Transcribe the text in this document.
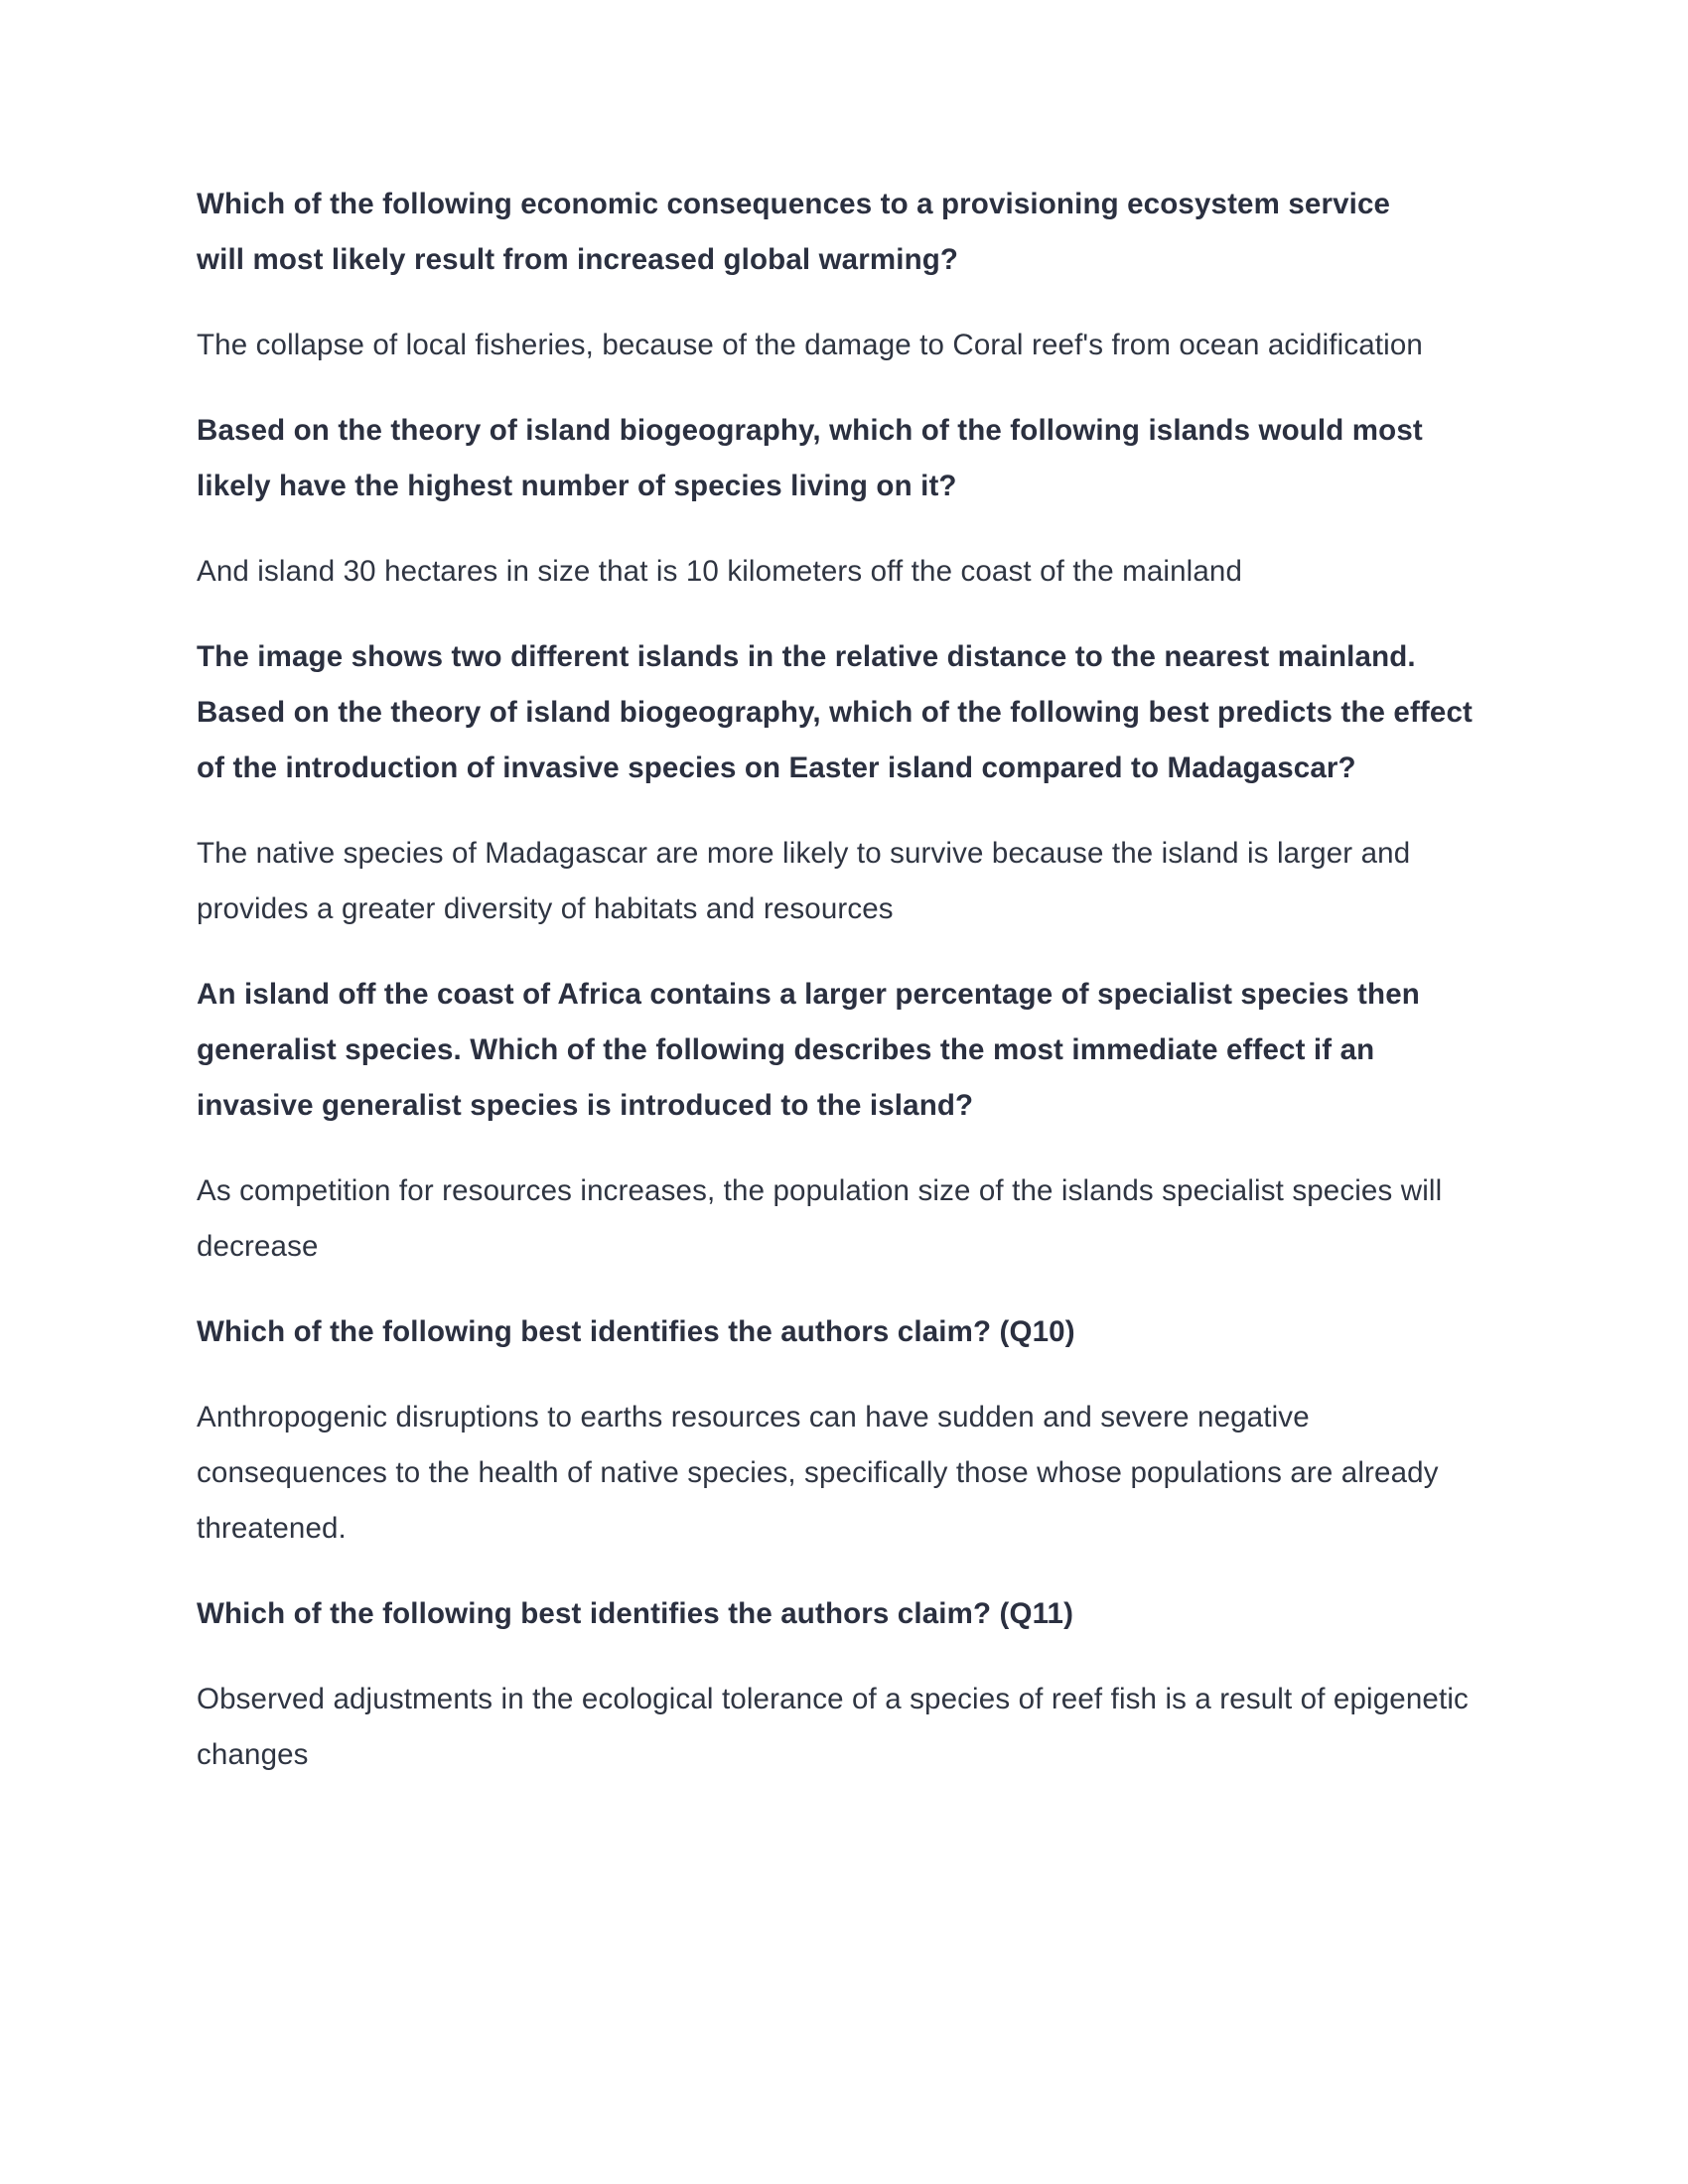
Which of the following economic consequences to a provisioning ecosystem service will most likely result from increased global warming?

The collapse of local fisheries, because of the damage to Coral reef's from ocean acidification

Based on the theory of island biogeography, which of the following islands would most likely have the highest number of species living on it?

And island 30 hectares in size that is 10 kilometers off the coast of the mainland

The image shows two different islands in the relative distance to the nearest mainland. Based on the theory of island biogeography, which of the following best predicts the effect of the introduction of invasive species on Easter island compared to Madagascar?

The native species of Madagascar are more likely to survive because the island is larger and provides a greater diversity of habitats and resources

An island off the coast of Africa contains a larger percentage of specialist species then generalist species. Which of the following describes the most immediate effect if an invasive generalist species is introduced to the island?

As competition for resources increases, the population size of the islands specialist species will decrease

Which of the following best identifies the authors claim? (Q10)

Anthropogenic disruptions to earths resources can have sudden and severe negative consequences to the health of native species, specifically those whose populations are already threatened.

Which of the following best identifies the authors claim? (Q11)

Observed adjustments in the ecological tolerance of a species of reef fish is a result of epigenetic changes
